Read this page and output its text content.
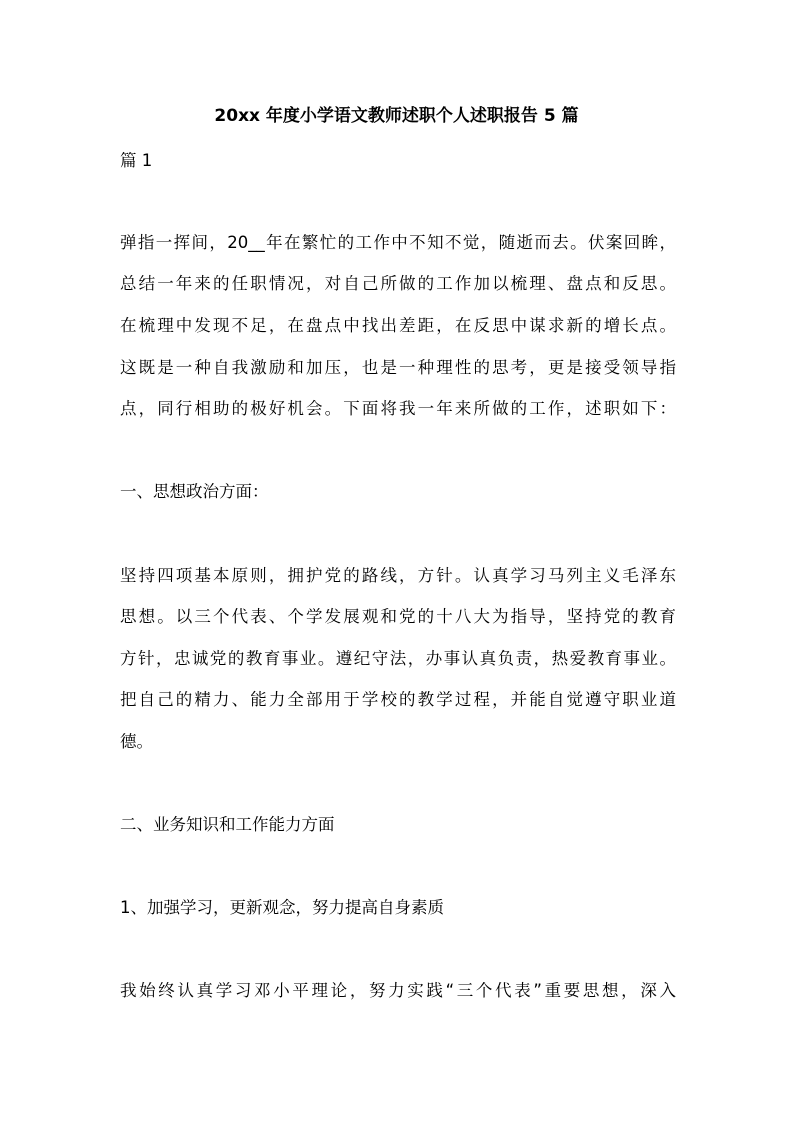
20xx 年度小学语文教师述职个人述职报告 5 篇

篇 1

弹指一挥间，20__年在繁忙的工作中不知不觉，随逝而去。伏案回眸，

总结一年来的任职情况，对自己所做的工作加以梳理、盘点和反思。

在梳理中发现不足，在盘点中找出差距，在反思中谋求新的增长点。

这既是一种自我激励和加压，也是一种理性的思考，更是接受领导指

点，同行相助的极好机会。下面将我一年来所做的工作，述职如下：

一、思想政治方面：

坚持四项基本原则，拥护党的路线，方针。认真学习马列主义毛泽东

思想。以三个代表、个学发展观和党的十八大为指导，坚持党的教育

方针，忠诚党的教育事业。遵纪守法，办事认真负责，热爱教育事业。

把自己的精力、能力全部用于学校的教学过程，并能自觉遵守职业道

德。

二、业务知识和工作能力方面

1、加强学习，更新观念，努力提高自身素质

我始终认真学习邓小平理论，努力实践“三个代表”重要思想，深入
